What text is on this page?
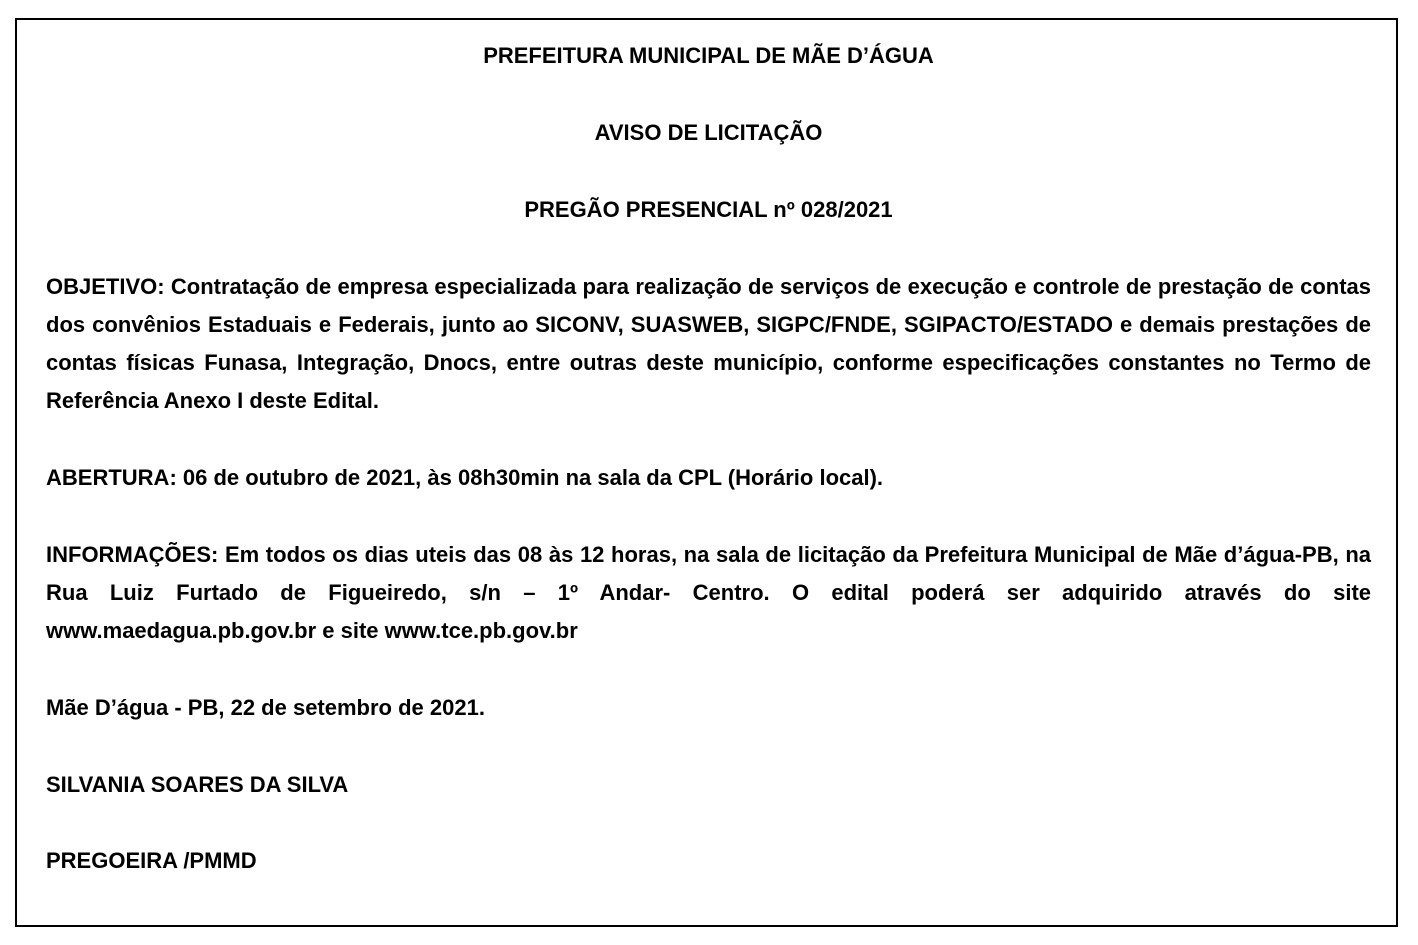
PREFEITURA MUNICIPAL DE MÃE D’ÁGUA

AVISO DE LICITAÇÃO

PREGÃO PRESENCIAL nº 028/2021

OBJETIVO: Contratação de empresa especializada para realização de serviços de execução e controle de prestação de contas dos convênios Estaduais e Federais, junto ao SICONV, SUASWEB, SIGPC/FNDE, SGIPACTO/ESTADO e demais prestações de contas físicas Funasa, Integração, Dnocs, entre outras deste município, conforme especificações constantes no Termo de Referência Anexo I deste Edital.

ABERTURA: 06 de outubro de 2021, às 08h30min na sala da CPL (Horário local).

INFORMAÇÕES: Em todos os dias uteis das 08 às 12 horas, na sala de licitação da Prefeitura Municipal de Mãe d’água-PB, na Rua Luiz Furtado de Figueiredo, s/n – 1º Andar- Centro. O edital poderá ser adquirido através do site www.maedagua.pb.gov.br e site www.tce.pb.gov.br

Mãe D’água - PB, 22 de setembro de 2021.

SILVANIA SOARES DA SILVA

PREGOEIRA /PMMD
